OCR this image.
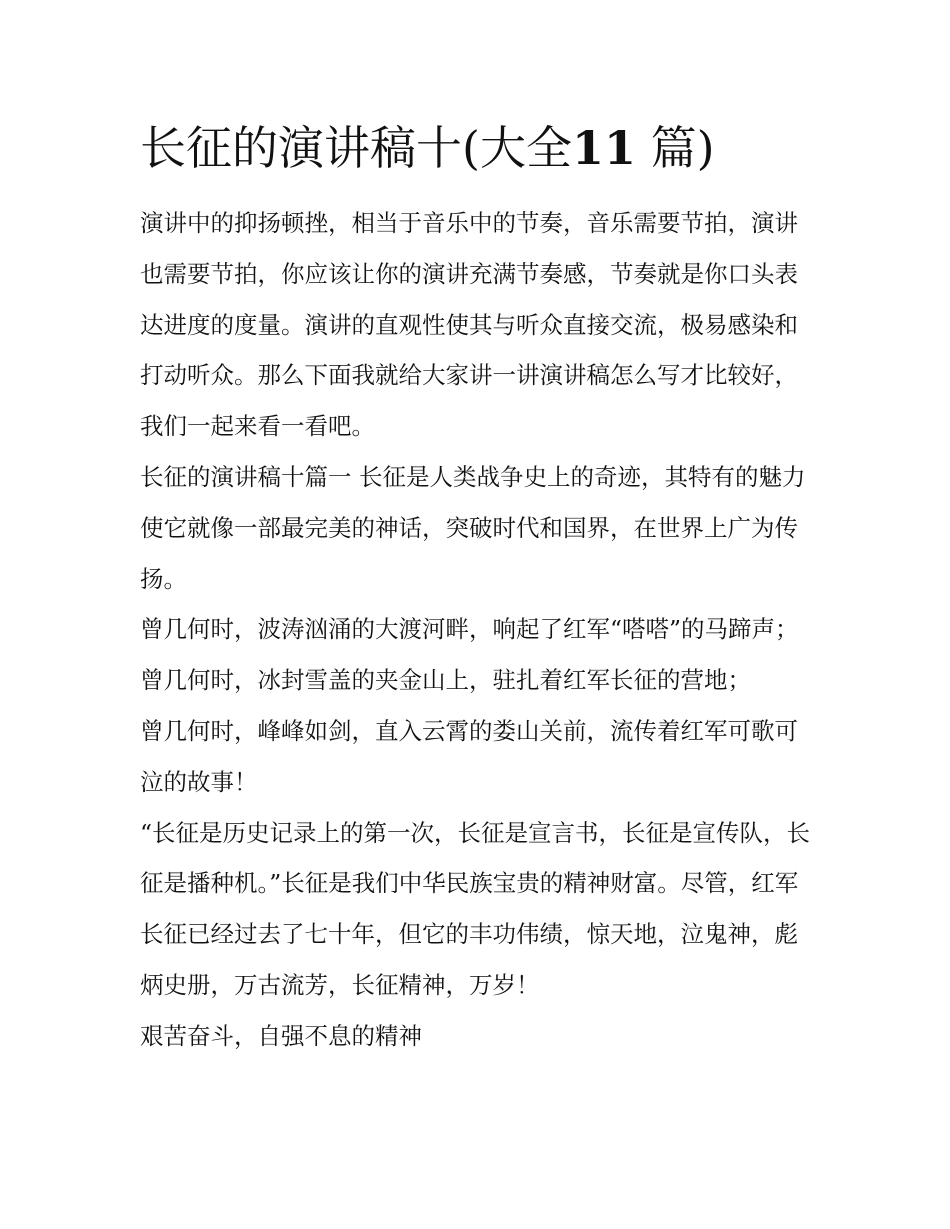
长征的演讲稿十(大全11 篇)

演讲中的抑扬顿挫，相当于音乐中的节奏，音乐需要节拍，演讲也需要节拍，你应该让你的演讲充满节奏感，节奏就是你口头表达进度的度量。演讲的直观性使其与听众直接交流，极易感染和打动听众。那么下面我就给大家讲一讲演讲稿怎么写才比较好，我们一起来看一看吧。

长征的演讲稿十篇一 长征是人类战争史上的奇迹，其特有的魅力使它就像一部最完美的神话，突破时代和国界，在世界上广为传扬。

曾几何时，波涛汹涌的大渡河畔，响起了红军“嗒嗒”的马蹄声； 曾几何时，冰封雪盖的夹金山上，驻扎着红军长征的营地；

曾几何时，峰峰如剑，直入云霄的娄山关前，流传着红军可歌可泣的故事！

“长征是历史记录上的第一次，长征是宣言书，长征是宣传队，长征是播种机。”长征是我们中华民族宝贵的精神财富。尽管，红军长征已经过去了七十年，但它的丰功伟绩，惊天地，泣鬼神，彪炳史册，万古流芳，长征精神，万岁！

艰苦奋斗，自强不息的精神
